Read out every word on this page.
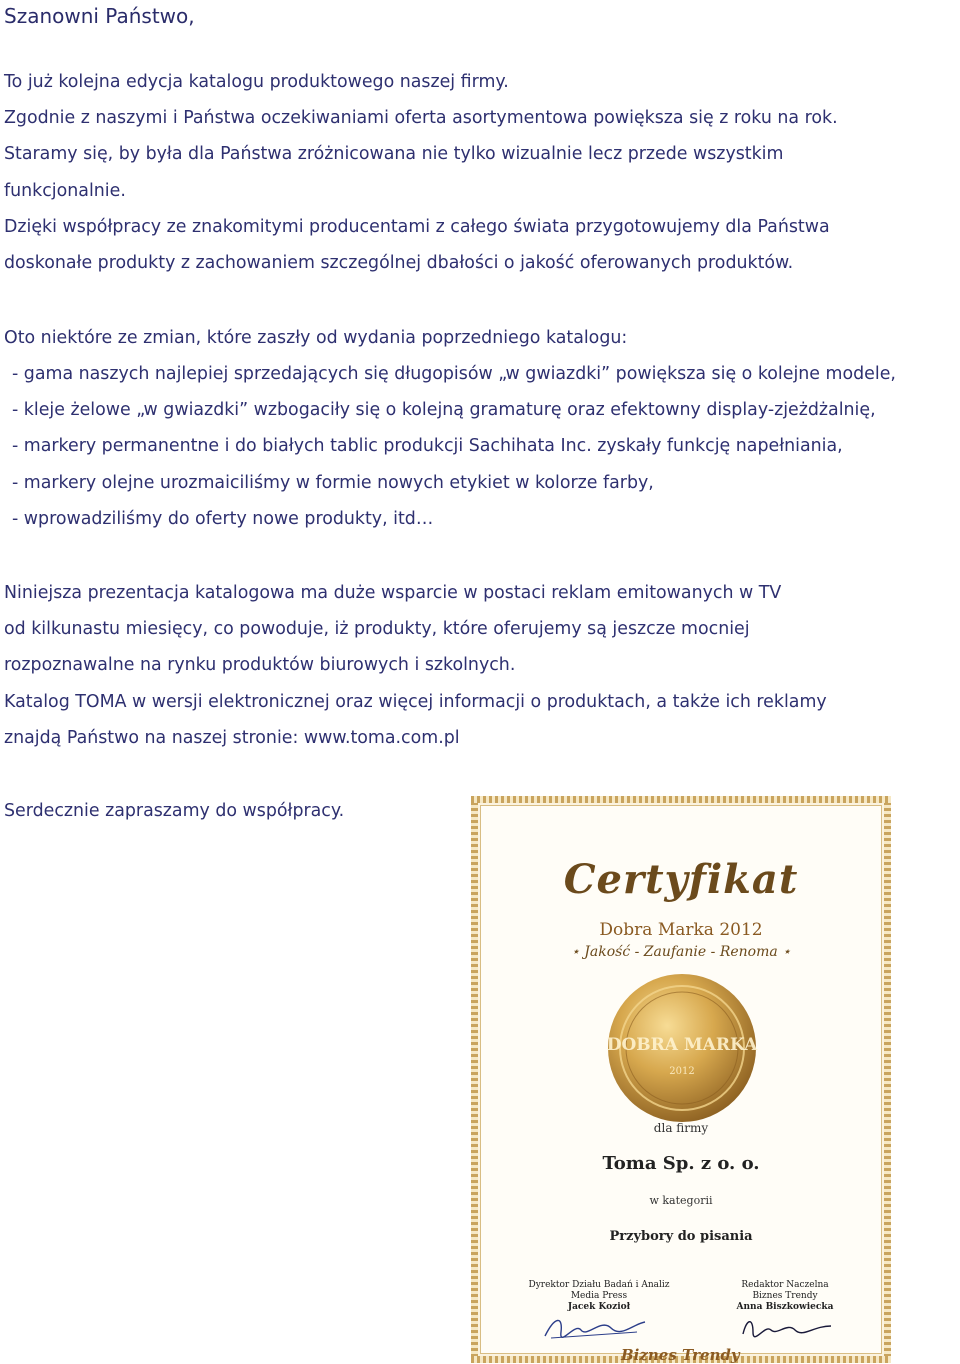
Szanowni Państwo,
To już kolejna edycja katalogu produktowego naszej firmy.
Zgodnie z naszymi i Państwa oczekiwaniami oferta asortymentowa powiększa się z roku na rok.
Staramy się, by była dla Państwa zróżnicowana nie tylko wizualnie lecz przede wszystkim
funkcjonalnie.
Dzięki współpracy ze znakomitymi producentami z całego świata przygotowujemy dla Państwa
doskonałe produkty z zachowaniem szczególnej dbałości o jakość oferowanych produktów.
Oto niektóre ze zmian, które zaszły od wydania poprzedniego katalogu:
- gama naszych najlepiej sprzedających się długopisów „w gwiazdki” powiększa się o kolejne modele,
- kleje żelowe „w gwiazdki” wzbogaciły się o kolejną gramaturę oraz efektowny display-zjeżdżalnię,
- markery permanentne i do białych tablic produkcji Sachihata Inc. zyskały funkcję napełniania,
- markery olejne urozmaiciliśmy w formie nowych etykiet w kolorze farby,
- wprowadziliśmy do oferty nowe produkty, itd…
Niniejsza prezentacja katalogowa ma duże wsparcie w postaci reklam emitowanych w TV
od kilkunastu miesięcy, co powoduje, iż produkty, które oferujemy są jeszcze mocniej
rozpoznawalne na rynku produktów biurowych i szkolnych.
Katalog TOMA w wersji elektronicznej oraz więcej informacji o produktach, a także ich reklamy
znajdą Państwo na naszej stronie: www.toma.com.pl
Serdecznie zapraszamy do współpracy.
Certyfikat
Dobra Marka 2012
⋆ Jakość - Zaufanie - Renoma ⋆
DOBRA MARKA
2012
dla firmy
Toma Sp. z o. o.
w kategorii
Przybory do pisania
Dyrektor Działu Badań i Analiz
Media Press
Jacek Kozioł
Redaktor Naczelna
Biznes Trendy
Anna Biszkowiecka
Biznes Trendy
